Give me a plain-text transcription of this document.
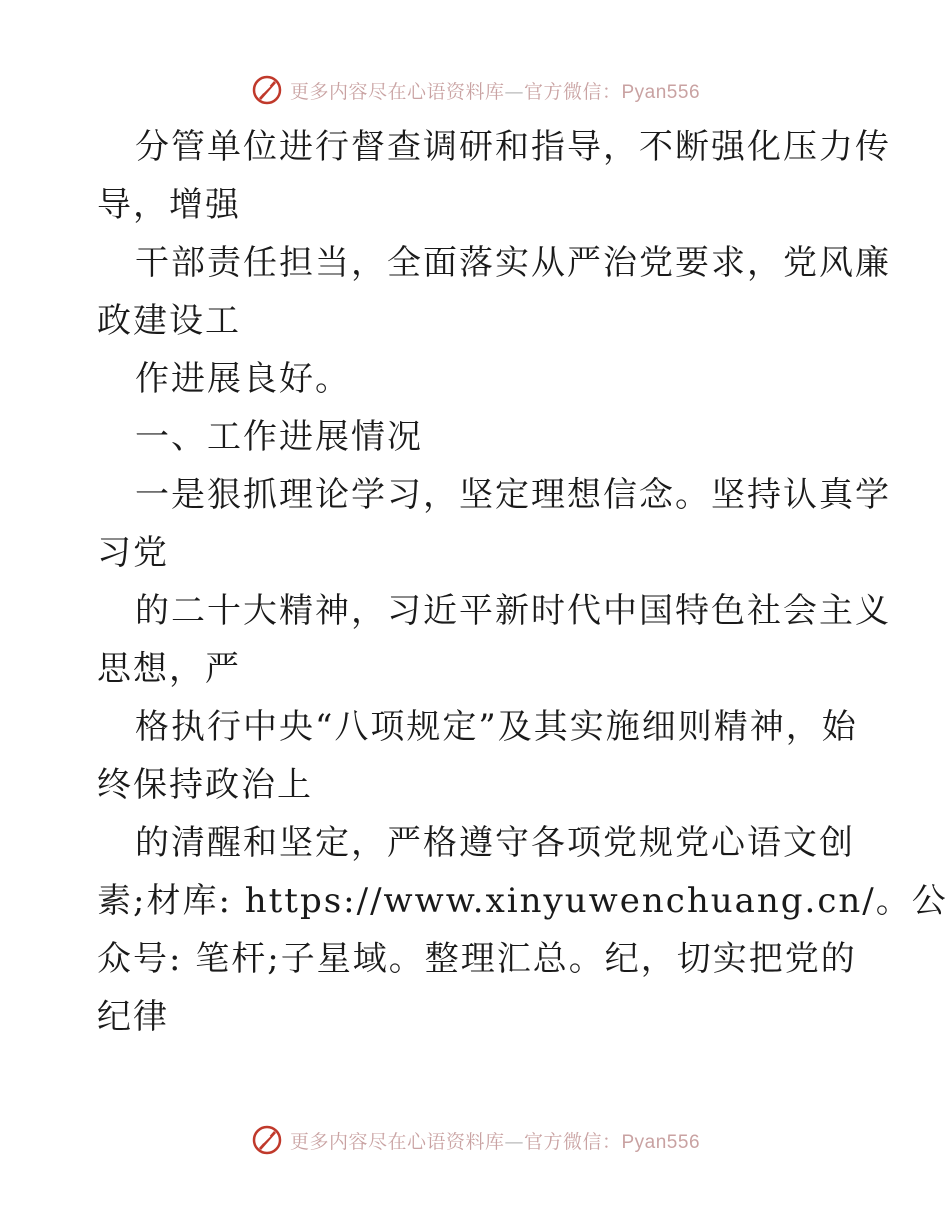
更多内容尽在心语资料库—官方微信：Pyan556
分管单位进行督查调研和指导，不断强化压力传
导，增强
干部责任担当，全面落实从严治党要求，党风廉
政建设工
作进展良好。
一、工作进展情况
一是狠抓理论学习，坚定理想信念。坚持认真学
习党
的二十大精神，习近平新时代中国特色社会主义
思想，严
格执行中央“八项规定”及其实施细则精神，始
终保持政治上
的清醒和坚定，严格遵守各项党规党心语文创
素;材库: https://www.xinyuwenchuang.cn/。公
众号: 笔杆;子星域。整理汇总。纪，切实把党的
纪律
更多内容尽在心语资料库—官方微信：Pyan556
